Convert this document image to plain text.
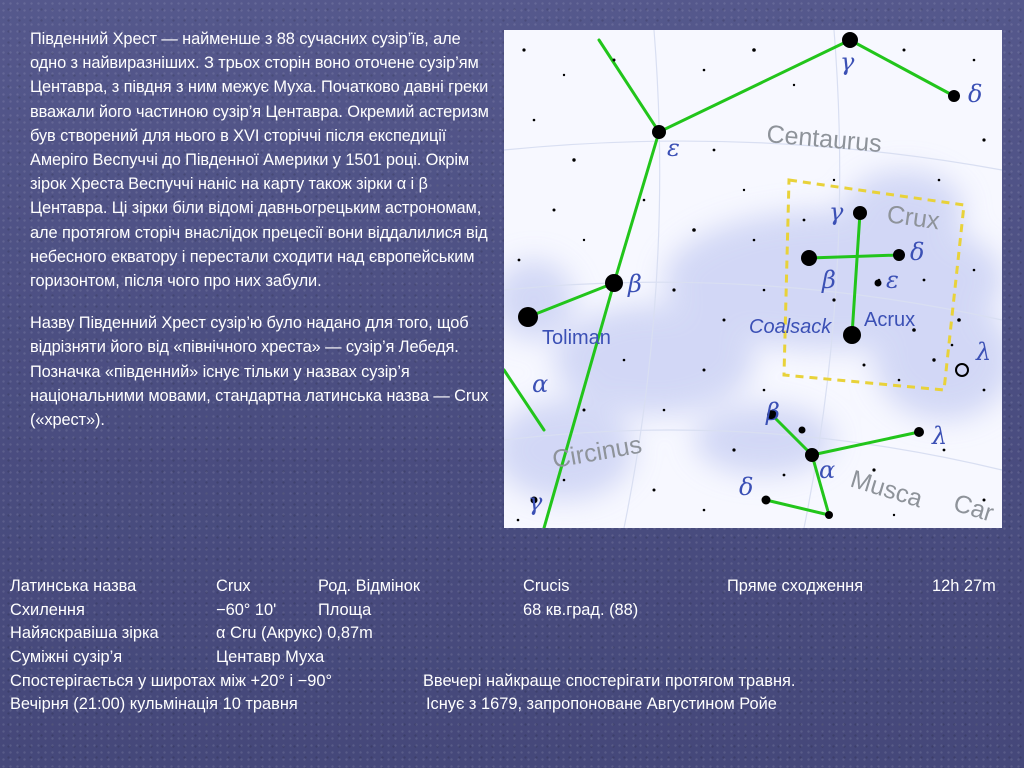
Південний Хрест — найменше з 88 сучасних сузір’їв, але одно з найвиразніших. З трьох сторін воно оточене сузір’ям Центавра, з півдня з ним межує Муха. Початково давні греки вважали його частиною сузір’я Центавра. Окремий астеризм був створений для нього в XVI сторіччі після експедиції Амеріго Веспуччі до Південної Америки у 1501 році. Окрім зірок Хреста Веспуччі наніс на карту також зірки α і β Центавра. Ці зірки біли відомі давньогрецьким астрономам, але протягом сторіч внаслідок прецесії вони віддалилися від небесного екватору і перестали сходити над європейським горизонтом, після чого про них забули.

Назву Південний Хрест сузір’ю було надано для того, щоб відрізняти його від «північного хреста» — сузір’я Лебедя. Позначка «південний» існує тільки у назвах сузір’я національними мовами, стандартна латинська назва — Crux («хрест»).

γ
δ
ε
β
α
γ
δ
β ε
λ
β
α
δ
λ
γ
Acrux
Toliman	Coalsack
Centaurus
Crux
Circinus
Musca Car
Латинська назва	Crux	Род. Відмінок	Crucis	Пряме сходження	12h 27m
Схилення	−60° 10'	Площа	68 кв.град. (88)
Найяскравіша зірка	α Cru (Акрукс) 0,87m
Суміжні сузір’я	Центавр Муха
Спостерігається у широтах між +20° і −90°	Ввечері найкраще спостерігати протягом травня.
Вечірня (21:00) кульмінація 10 травня	Існує з 1679, запропоноване Августином Ройе
